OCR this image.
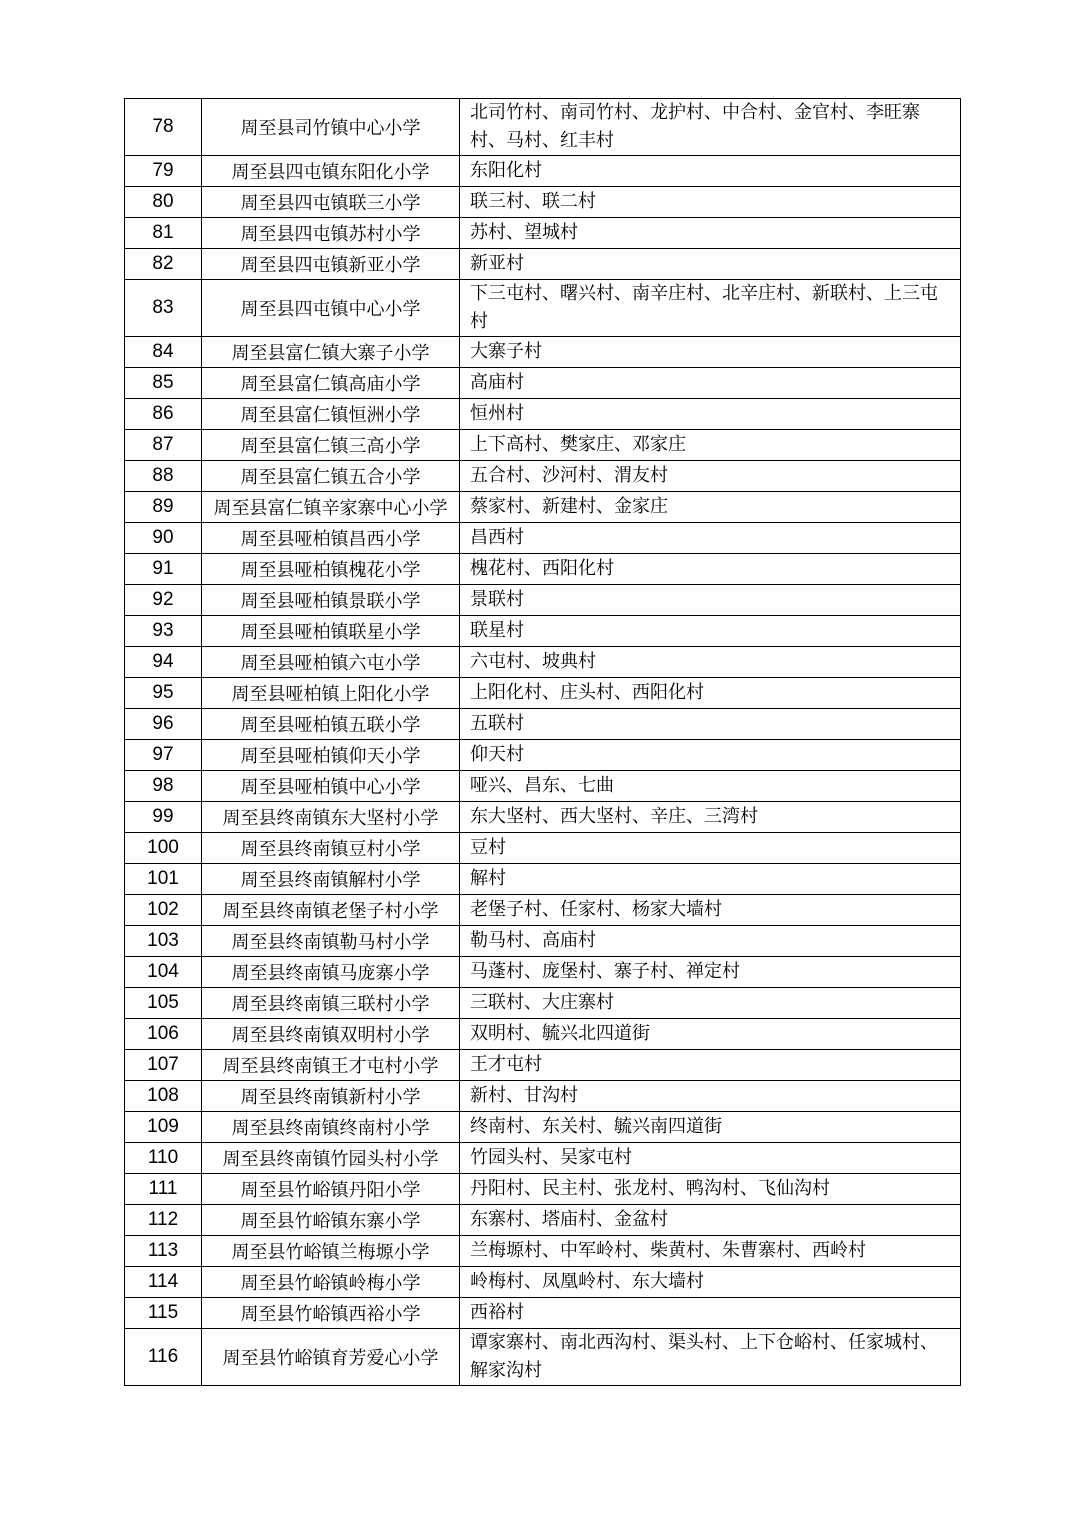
78	周至县司竹镇中心小学	北司竹村、南司竹村、龙护村、中合村、金官村、李旺寨村、马村、红丰村
79	周至县四屯镇东阳化小学	东阳化村
80	周至县四屯镇联三小学	联三村、联二村
81	周至县四屯镇苏村小学	苏村、望城村
82	周至县四屯镇新亚小学	新亚村
83	周至县四屯镇中心小学	下三屯村、曙兴村、南辛庄村、北辛庄村、新联村、上三屯村
84	周至县富仁镇大寨子小学	大寨子村
85	周至县富仁镇高庙小学	高庙村
86	周至县富仁镇恒洲小学	恒州村
87	周至县富仁镇三高小学	上下高村、樊家庄、邓家庄
88	周至县富仁镇五合小学	五合村、沙河村、渭友村
89	周至县富仁镇辛家寨中心小学	蔡家村、新建村、金家庄
90	周至县哑柏镇昌西小学	昌西村
91	周至县哑柏镇槐花小学	槐花村、西阳化村
92	周至县哑柏镇景联小学	景联村
93	周至县哑柏镇联星小学	联星村
94	周至县哑柏镇六屯小学	六屯村、坡典村
95	周至县哑柏镇上阳化小学	上阳化村、庄头村、西阳化村
96	周至县哑柏镇五联小学	五联村
97	周至县哑柏镇仰天小学	仰天村
98	周至县哑柏镇中心小学	哑兴、昌东、七曲
99	周至县终南镇东大坚村小学	东大坚村、西大坚村、辛庄、三湾村
100	周至县终南镇豆村小学	豆村
101	周至县终南镇解村小学	解村
102	周至县终南镇老堡子村小学	老堡子村、任家村、杨家大墙村
103	周至县终南镇勒马村小学	勒马村、高庙村
104	周至县终南镇马庞寨小学	马蓬村、庞堡村、寨子村、禅定村
105	周至县终南镇三联村小学	三联村、大庄寨村
106	周至县终南镇双明村小学	双明村、毓兴北四道街
107	周至县终南镇王才屯村小学	王才屯村
108	周至县终南镇新村小学	新村、甘沟村
109	周至县终南镇终南村小学	终南村、东关村、毓兴南四道街
110	周至县终南镇竹园头村小学	竹园头村、吴家屯村
111	周至县竹峪镇丹阳小学	丹阳村、民主村、张龙村、鸭沟村、飞仙沟村
112	周至县竹峪镇东寨小学	东寨村、塔庙村、金盆村
113	周至县竹峪镇兰梅塬小学	兰梅塬村、中军岭村、柴黄村、朱曹寨村、西岭村
114	周至县竹峪镇岭梅小学	岭梅村、凤凰岭村、东大墙村
115	周至县竹峪镇西裕小学	西裕村
116	周至县竹峪镇育芳爱心小学	谭家寨村、南北西沟村、渠头村、上下仓峪村、任家城村、解家沟村
